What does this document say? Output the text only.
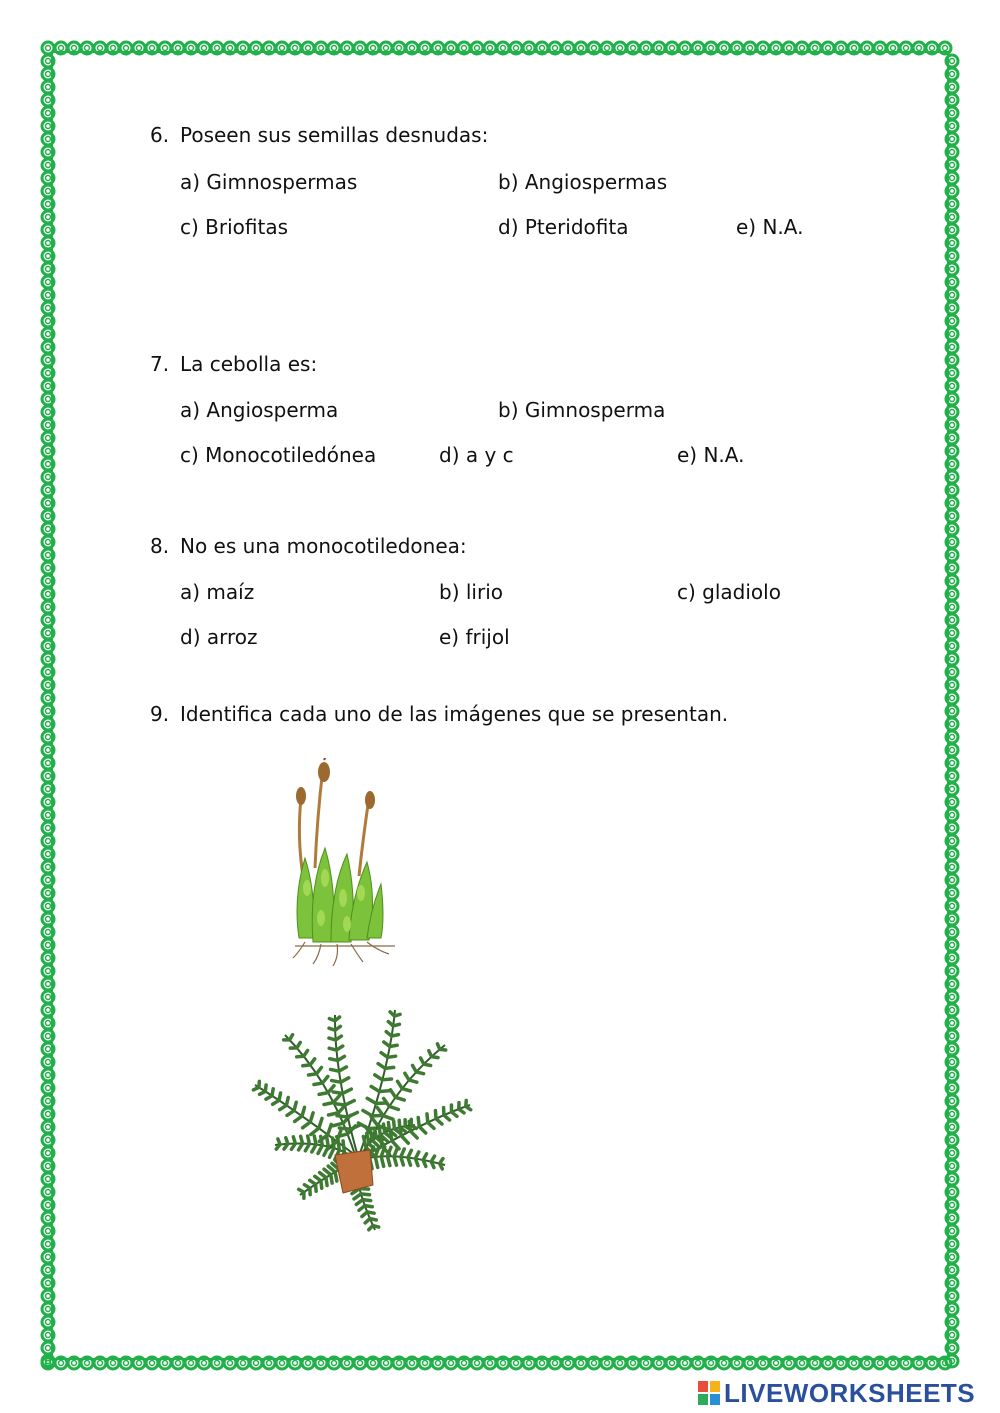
6. Poseen sus semillas desnudas:
a) Gimnospermas	b) Angiospermas
c) Briofitas	d) Pteridofita	e) N.A.
7. La cebolla es:
a) Angiosperma	b) Gimnosperma
c) Monocotiledónea	d) a y c	e) N.A.
8. No es una monocotiledonea:
a) maíz	b) lirio	c) gladiolo
d) arroz	e) frijol
9. Identifica cada uno de las imágenes que se presentan.
LIVEWORKSHEETS
